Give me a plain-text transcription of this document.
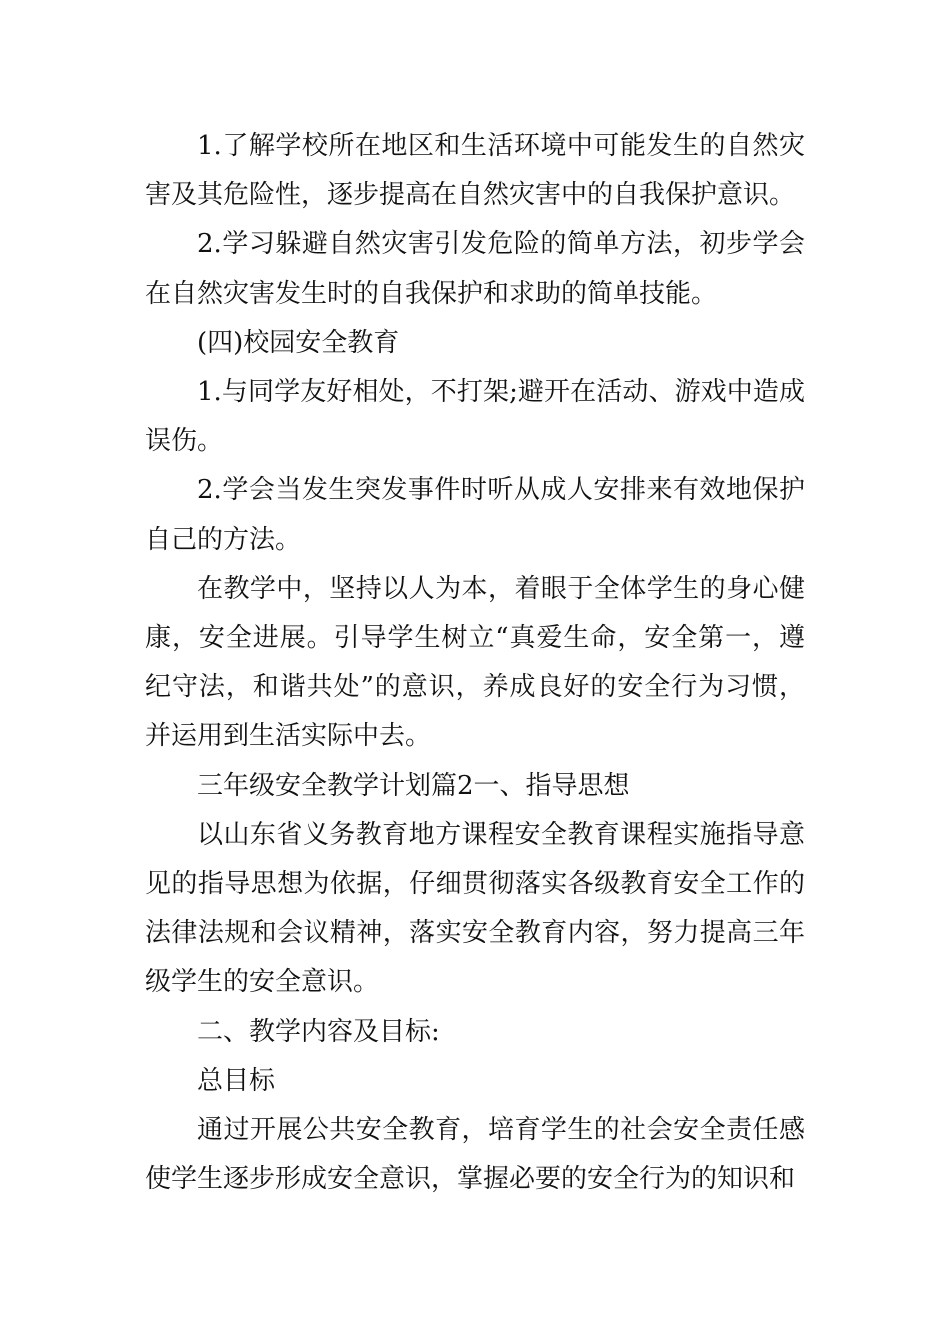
1.了解学校所在地区和生活环境中可能发生的自然灾害及其危险性，逐步提高在自然灾害中的自我保护意识。

2.学习躲避自然灾害引发危险的简单方法，初步学会在自然灾害发生时的自我保护和求助的简单技能。

(四)校园安全教育

1.与同学友好相处，不打架;避开在活动、游戏中造成误伤。

2.学会当发生突发事件时听从成人安排来有效地保护自己的方法。

在教学中，坚持以人为本，着眼于全体学生的身心健康，安全进展。引导学生树立“真爱生命，安全第一，遵纪守法，和谐共处”的意识，养成良好的安全行为习惯，并运用到生活实际中去。

三年级安全教学计划篇2一、指导思想

以山东省义务教育地方课程安全教育课程实施指导意见的指导思想为依据，仔细贯彻落实各级教育安全工作的法律法规和会议精神，落实安全教育内容，努力提高三年级学生的安全意识。

二、教学内容及目标:

总目标

通过开展公共安全教育，培育学生的社会安全责任感使学生逐步形成安全意识，掌握必要的安全行为的知识和
